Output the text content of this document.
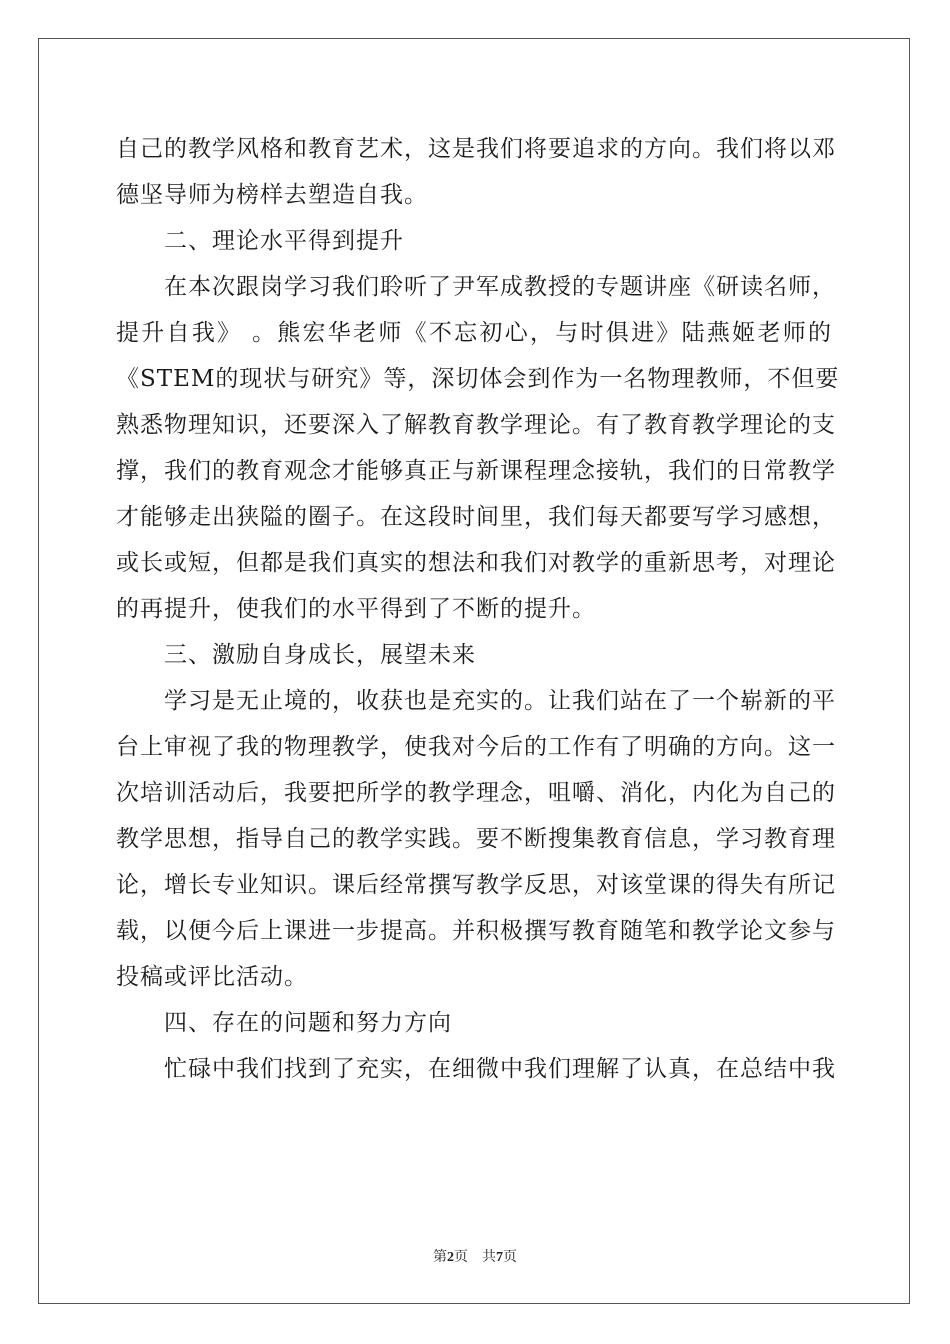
自己的教学风格和教育艺术，这是我们将要追求的方向。我们将以邓
德坚导师为榜样去塑造自我。
二、理论水平得到提升
在本次跟岗学习我们聆听了尹军成教授的专题讲座《研读名师，
提升自我》 。熊宏华老师《不忘初心，与时俱进》陆燕姬老师的
《STEM的现状与研究》等，深切体会到作为一名物理教师，不但要
熟悉物理知识，还要深入了解教育教学理论。有了教育教学理论的支
撑，我们的教育观念才能够真正与新课程理念接轨，我们的日常教学
才能够走出狭隘的圈子。在这段时间里，我们每天都要写学习感想，
或长或短，但都是我们真实的想法和我们对教学的重新思考，对理论
的再提升，使我们的水平得到了不断的提升。
三、激励自身成长，展望未来
学习是无止境的，收获也是充实的。让我们站在了一个崭新的平
台上审视了我的物理教学，使我对今后的工作有了明确的方向。这一
次培训活动后，我要把所学的教学理念，咀嚼、消化，内化为自己的
教学思想，指导自己的教学实践。要不断搜集教育信息，学习教育理
论，增长专业知识。课后经常撰写教学反思，对该堂课的得失有所记
载，以便今后上课进一步提高。并积极撰写教育随笔和教学论文参与
投稿或评比活动。
四、存在的问题和努力方向
忙碌中我们找到了充实，在细微中我们理解了认真，在总结中我
第2页　共7页
